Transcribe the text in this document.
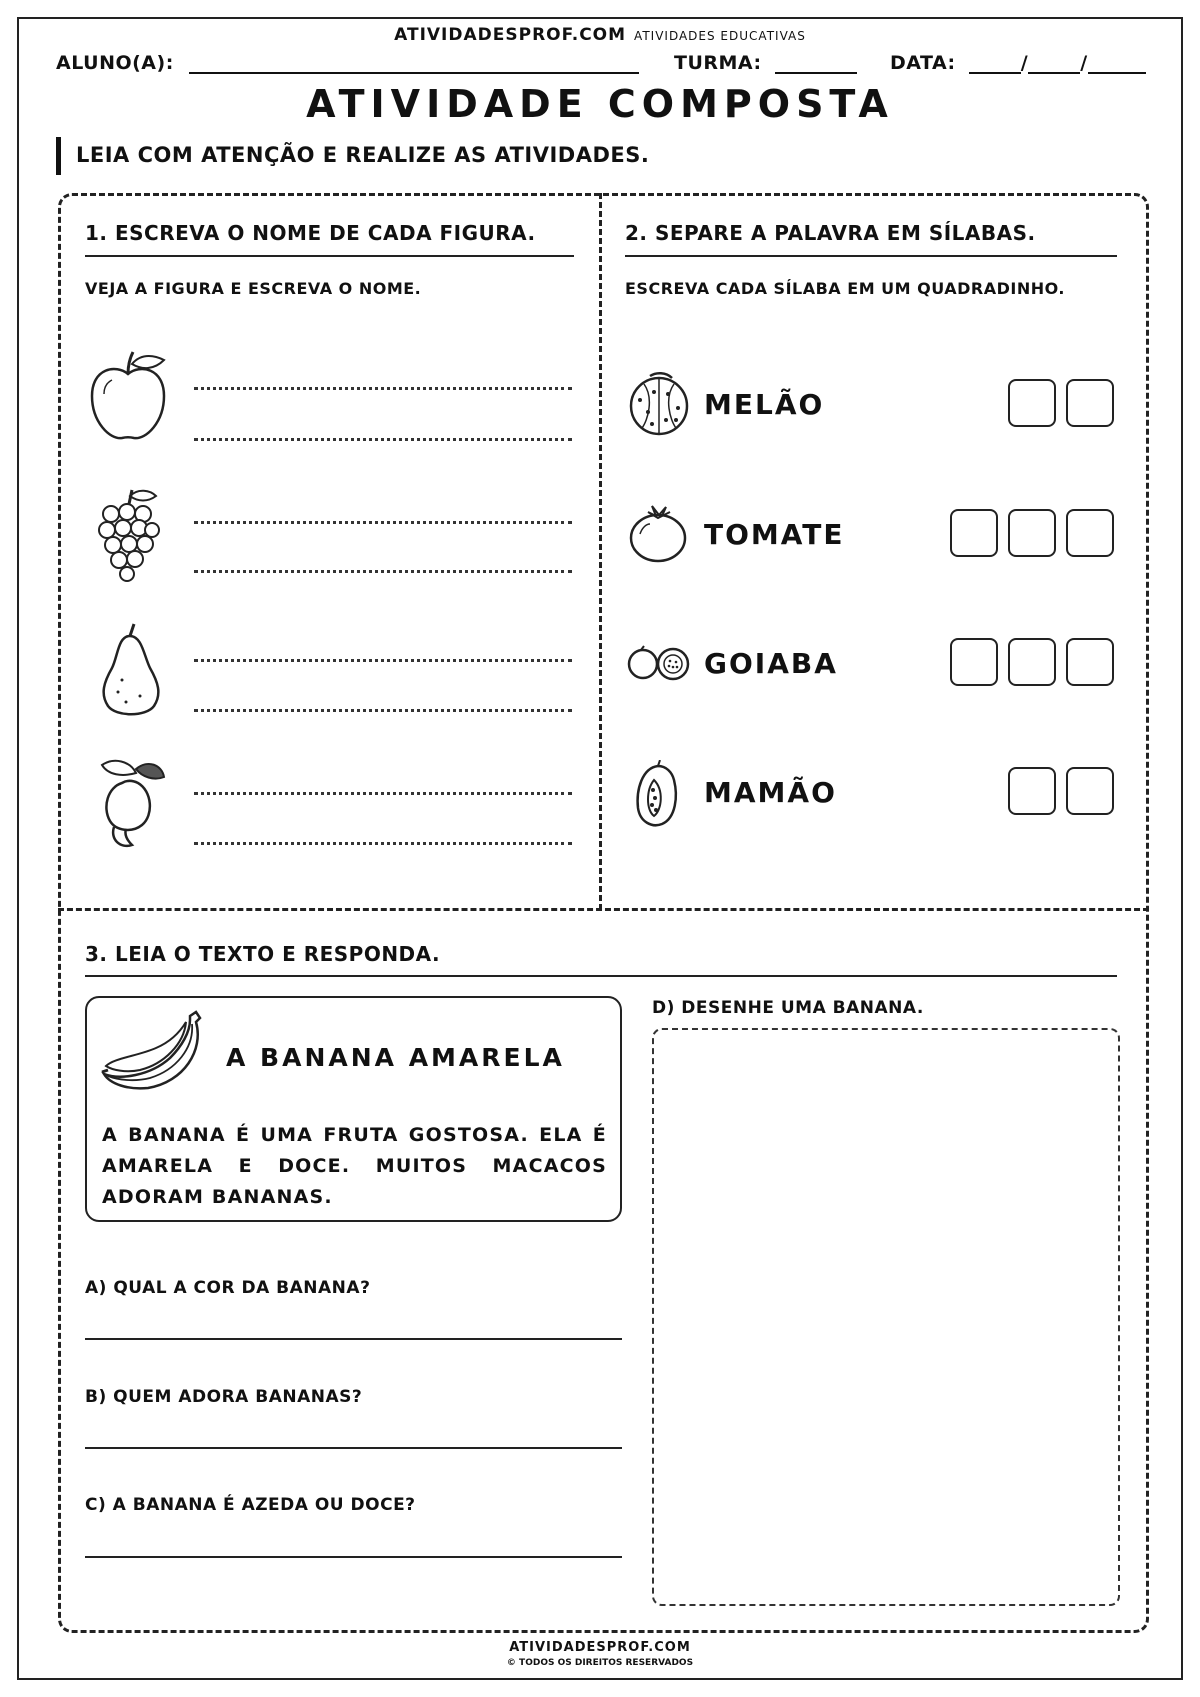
ATIVIDADESPROF.COM ATIVIDADES EDUCATIVAS
ALUNO(A):	TURMA:	DATA:	/	/
ATIVIDADE COMPOSTA
LEIA COM ATENÇÃO E REALIZE AS ATIVIDADES.
1. ESCREVA O NOME DE CADA FIGURA.
VEJA A FIGURA E ESCREVA O NOME.
2. SEPARE A PALAVRA EM SÍLABAS.
ESCREVA CADA SÍLABA EM UM QUADRADINHO.
MELÃO
TOMATE
GOIABA
MAMÃO
3. LEIA O TEXTO E RESPONDA.
A BANANA AMARELA
A BANANA É UMA FRUTA GOSTOSA. ELA É AMARELA E DOCE. MUITOS MACACOS ADORAM BANANAS.
A) QUAL A COR DA BANANA?
B) QUEM ADORA BANANAS?
C) A BANANA É AZEDA OU DOCE?
D) DESENHE UMA BANANA.
ATIVIDADESPROF.COM
© TODOS OS DIREITOS RESERVADOS
